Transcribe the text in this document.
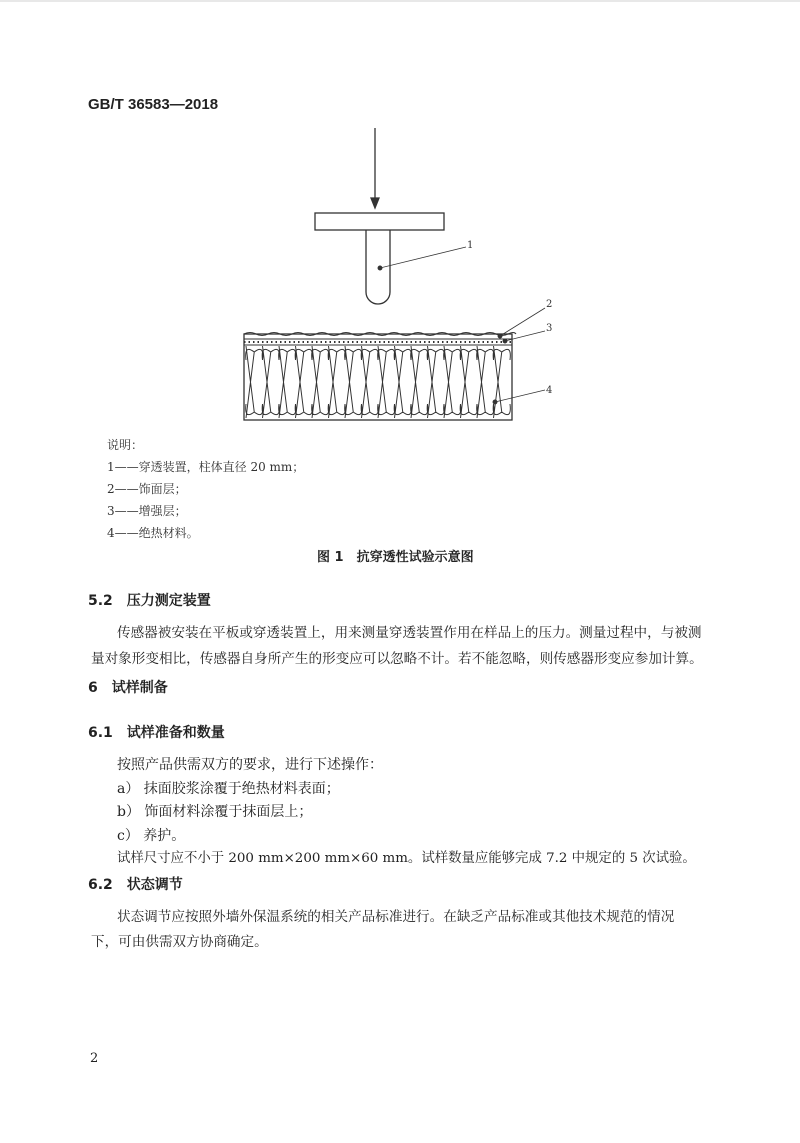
GB/T 36583—2018
1
2
3
4
说明：
1——穿透装置，柱体直径 20 mm；
2——饰面层；
3——增强层；
4——绝热材料。
图 1　抗穿透性试验示意图
5.2　压力测定装置
传感器被安装在平板或穿透装置上，用来测量穿透装置作用在样品上的压力。测量过程中，与被测
量对象形变相比，传感器自身所产生的形变应可以忽略不计。若不能忽略，则传感器形变应参加计算。
6　试样制备
6.1　试样准备和数量
按照产品供需双方的要求，进行下述操作：
a） 抹面胶浆涂覆于绝热材料表面；
b） 饰面材料涂覆于抹面层上；
c） 养护。
试样尺寸应不小于 200 mm×200 mm×60 mm。试样数量应能够完成 7.2 中规定的 5 次试验。
6.2　状态调节
状态调节应按照外墙外保温系统的相关产品标准进行。在缺乏产品标准或其他技术规范的情况
下，可由供需双方协商确定。
2
